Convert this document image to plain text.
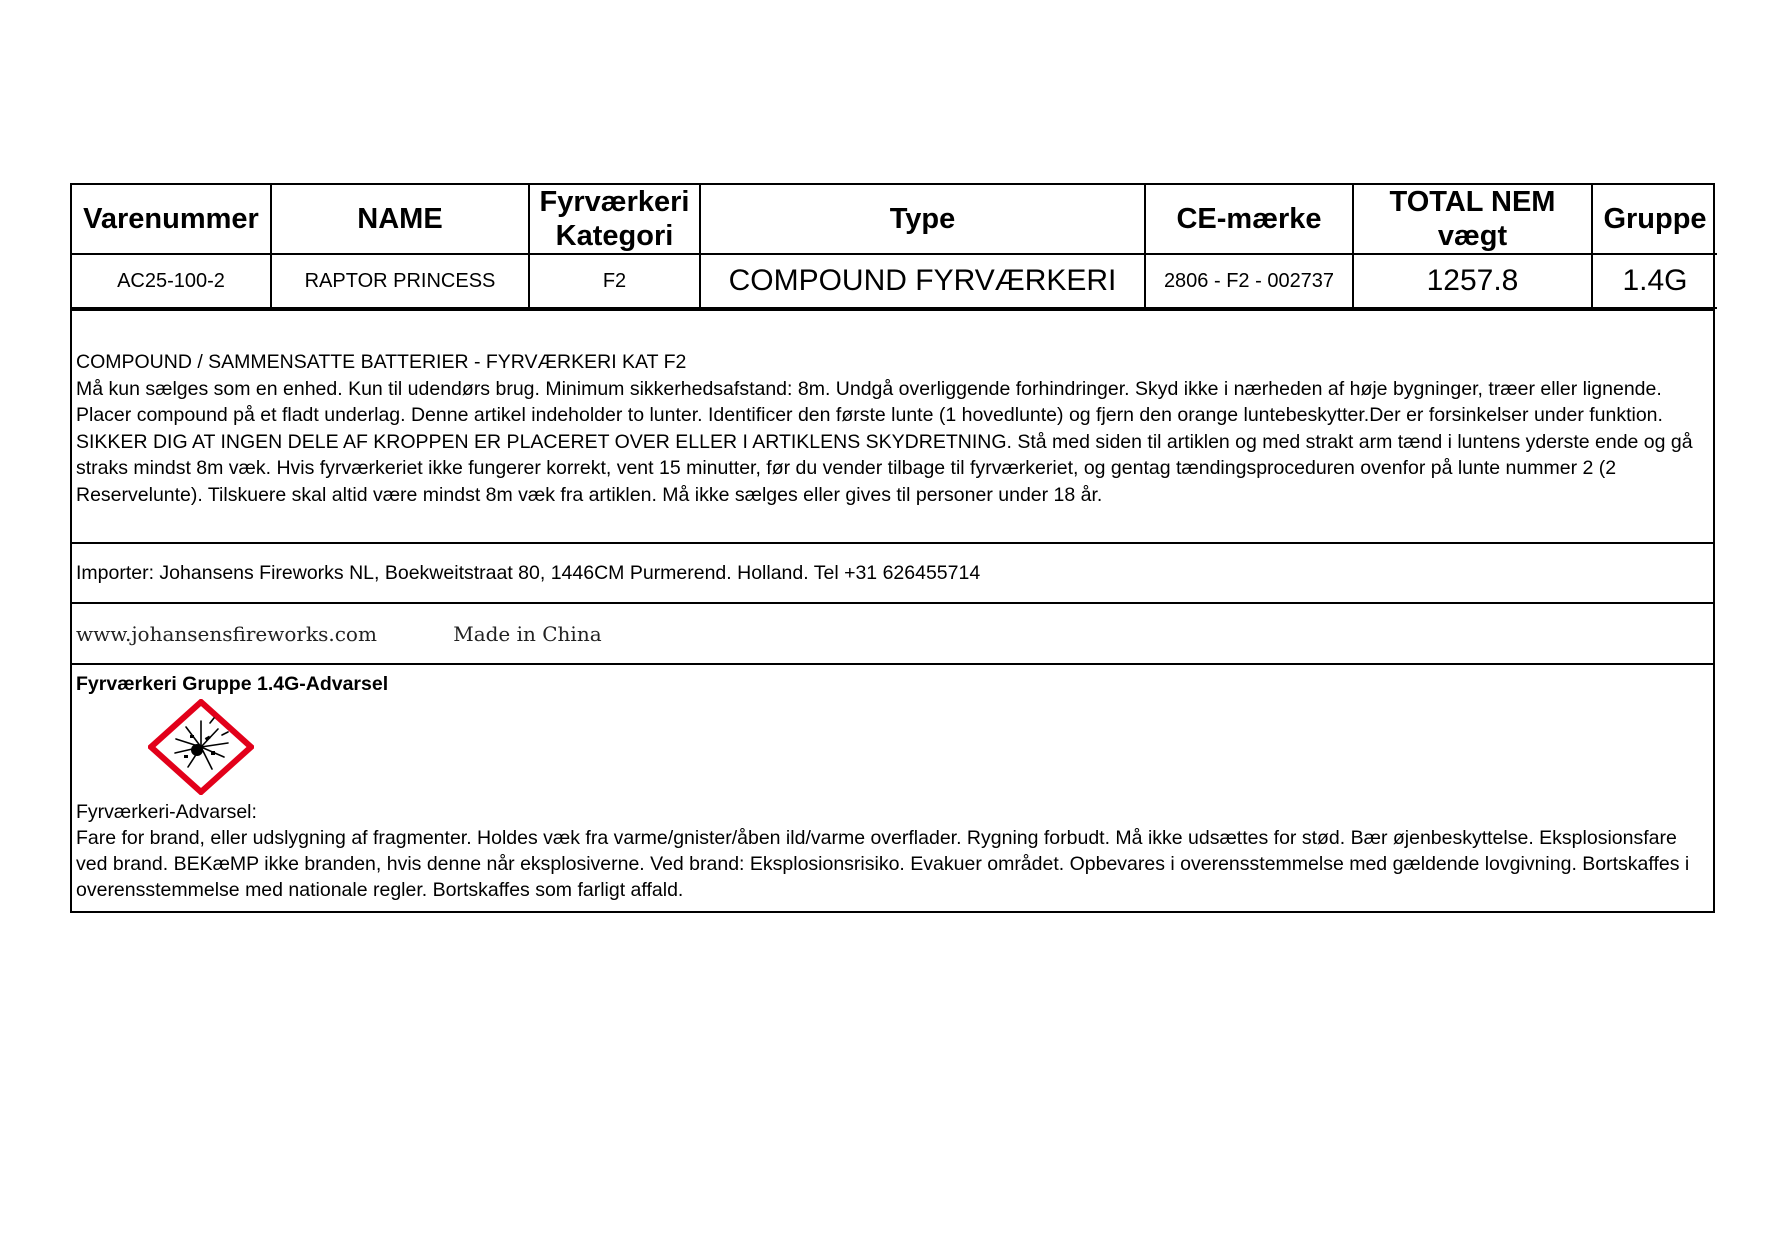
Varenummer	NAME	Fyrværkeri Kategori	Type	CE-mærke	TOTAL NEM vægt	Gruppe
AC25-100-2	RAPTOR PRINCESS	F2	COMPOUND FYRVÆRKERI	2806 - F2 - 002737	1257.8	1.4G

COMPOUND / SAMMENSATTE BATTERIER - FYRVÆRKERI KAT F2

Må kun sælges som en enhed. Kun til udendørs brug. Minimum sikkerhedsafstand: 8m. Undgå overliggende forhindringer. Skyd ikke i nærheden af høje bygninger, træer eller lignende. Placer compound på et fladt underlag. Denne artikel indeholder to lunter. Identificer den første lunte (1 hovedlunte) og fjern den orange luntebeskytter.Der er forsinkelser under funktion. SIKKER DIG AT INGEN DELE AF KROPPEN ER PLACERET OVER ELLER I ARTIKLENS SKYDRETNING. Stå med siden til artiklen og med strakt arm tænd i luntens yderste ende og gå straks mindst 8m væk. Hvis fyrværkeriet ikke fungerer korrekt, vent 15 minutter, før du vender tilbage til fyrværkeriet, og gentag tændingsproceduren ovenfor på lunte nummer 2 (2 Reservelunte). Tilskuere skal altid være mindst 8m væk fra artiklen. Må ikke sælges eller gives til personer under 18 år.

Importer: Johansens Fireworks NL, Boekweitstraat 80, 1446CM Purmerend. Holland. Tel +31 626455714
www.johansensfireworks.com	Made in China
Fyrværkeri Gruppe 1.4G-Advarsel
Fyrværkeri-Advarsel:
Fare for brand, eller udslygning af fragmenter. Holdes væk fra varme/gnister/åben ild/varme overflader. Rygning forbudt. Må ikke udsættes for stød. Bær øjenbeskyttelse. Eksplosionsfare ved brand. BEKæMP ikke branden, hvis denne når eksplosiverne. Ved brand: Eksplosionsrisiko. Evakuer området. Opbevares i overensstemmelse med gældende lovgivning. Bortskaffes i overensstemmelse med nationale regler. Bortskaffes som farligt affald.
